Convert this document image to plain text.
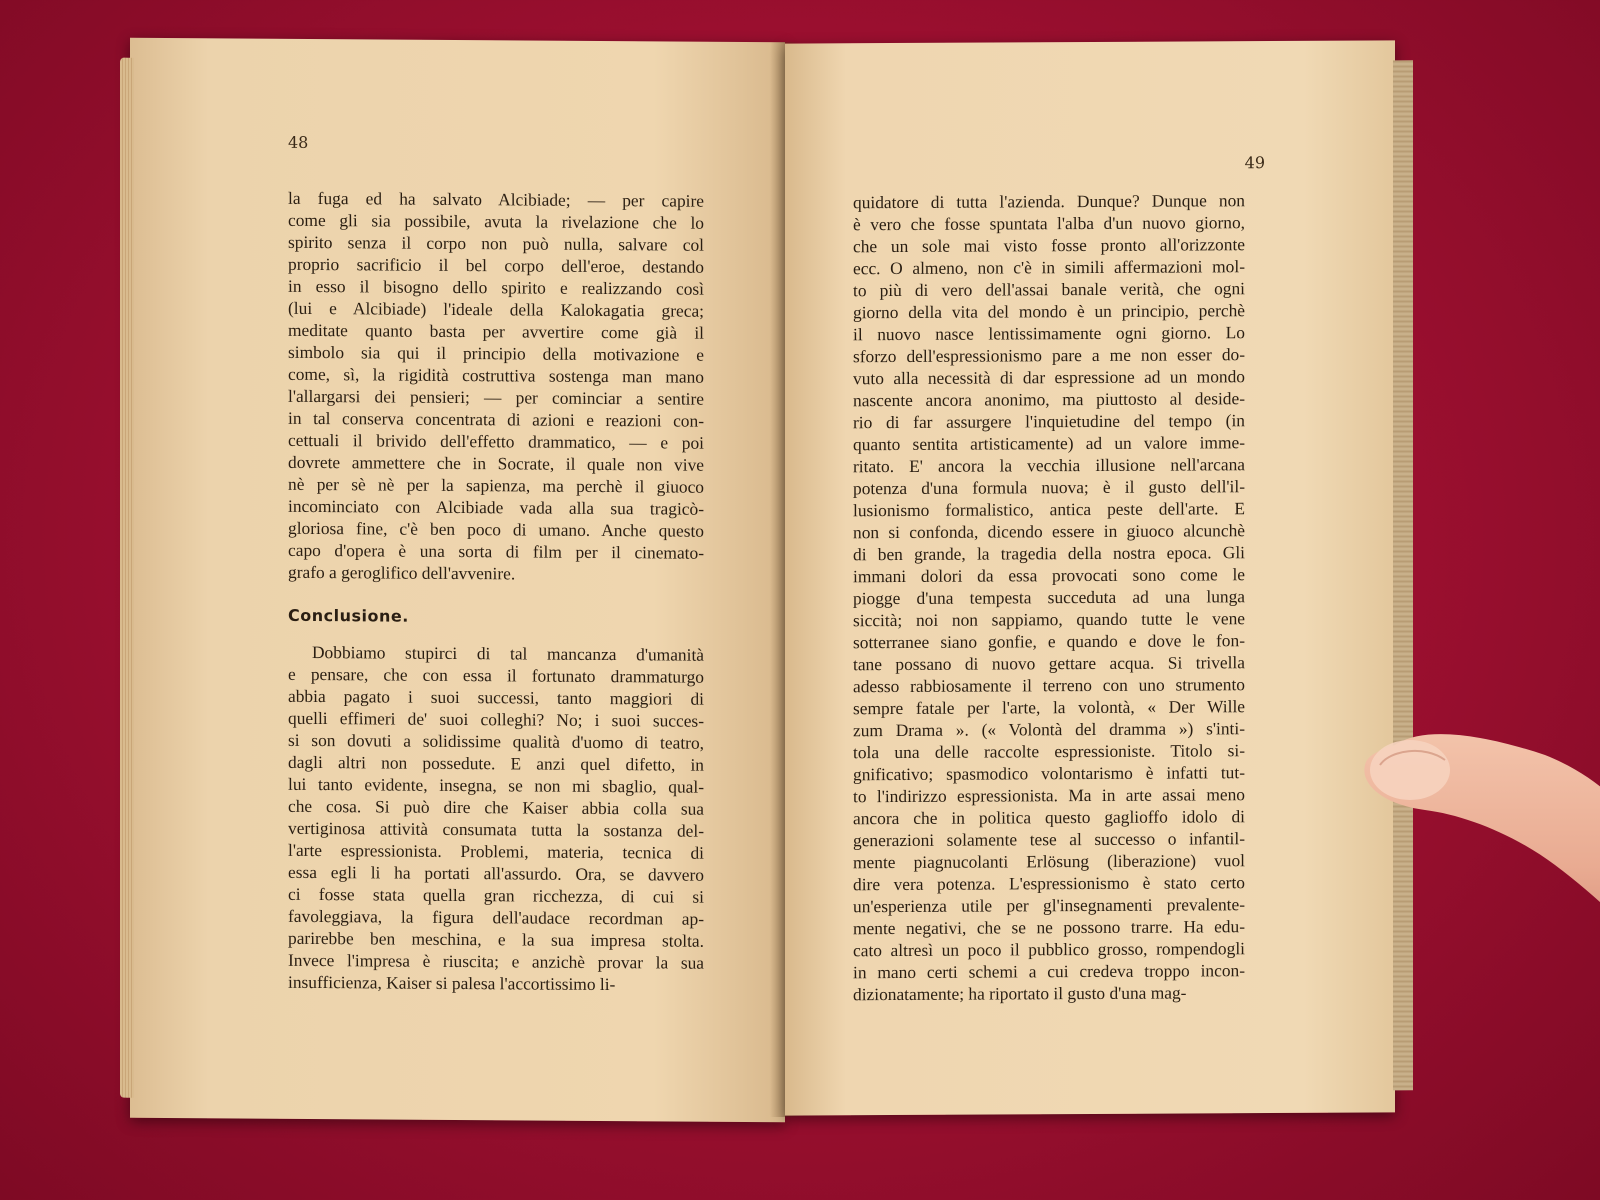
48
la fuga ed ha salvato Alcibiade; — per capire
come gli sia possibile, avuta la rivelazione che lo
spirito senza il corpo non può nulla, salvare col
proprio sacrificio il bel corpo dell'eroe, destando
in esso il bisogno dello spirito e realizzando così
(lui e Alcibiade) l'ideale della Kalokagatia greca;
meditate quanto basta per avvertire come già il
simbolo sia qui il principio della motivazione e
come, sì, la rigidità costruttiva sostenga man mano
l'allargarsi dei pensieri; — per cominciar a sentire
in tal conserva concentrata di azioni e reazioni con-
cettuali il brivido dell'effetto drammatico, — e poi
dovrete ammettere che in Socrate, il quale non vive
nè per sè nè per la sapienza, ma perchè il giuoco
incominciato con Alcibiade vada alla sua tragicò-
gloriosa fine, c'è ben poco di umano. Anche questo
capo d'opera è una sorta di film per il cinemato-
grafo a geroglifico dell'avvenire.
Conclusione.
Dobbiamo stupirci di tal mancanza d'umanità
e pensare, che con essa il fortunato drammaturgo
abbia pagato i suoi successi, tanto maggiori di
quelli effimeri de' suoi colleghi? No; i suoi succes-
si son dovuti a solidissime qualità d'uomo di teatro,
dagli altri non possedute. E anzi quel difetto, in
lui tanto evidente, insegna, se non mi sbaglio, qual-
che cosa. Si può dire che Kaiser abbia colla sua
vertiginosa attività consumata tutta la sostanza del-
l'arte espressionista. Problemi, materia, tecnica di
essa egli li ha portati all'assurdo. Ora, se davvero
ci fosse stata quella gran ricchezza, di cui si
favoleggiava, la figura dell'audace recordman ap-
parirebbe ben meschina, e la sua impresa stolta.
Invece l'impresa è riuscita; e anzichè provar la sua
insufficienza, Kaiser si palesa l'accortissimo li-
49
quidatore di tutta l'azienda. Dunque? Dunque non
è vero che fosse spuntata l'alba d'un nuovo giorno,
che un sole mai visto fosse pronto all'orizzonte
ecc. O almeno, non c'è in simili affermazioni mol-
to più di vero dell'assai banale verità, che ogni
giorno della vita del mondo è un principio, perchè
il nuovo nasce lentissimamente ogni giorno. Lo
sforzo dell'espressionismo pare a me non esser do-
vuto alla necessità di dar espressione ad un mondo
nascente ancora anonimo, ma piuttosto al deside-
rio di far assurgere l'inquietudine del tempo (in
quanto sentita artisticamente) ad un valore imme-
ritato. E' ancora la vecchia illusione nell'arcana
potenza d'una formula nuova; è il gusto dell'il-
lusionismo formalistico, antica peste dell'arte. E
non si confonda, dicendo essere in giuoco alcunchè
di ben grande, la tragedia della nostra epoca. Gli
immani dolori da essa provocati sono come le
piogge d'una tempesta succeduta ad una lunga
siccità; noi non sappiamo, quando tutte le vene
sotterranee siano gonfie, e quando e dove le fon-
tane possano di nuovo gettare acqua. Si trivella
adesso rabbiosamente il terreno con uno strumento
sempre fatale per l'arte, la volontà, « Der Wille
zum Drama ». (« Volontà del dramma ») s'inti-
tola una delle raccolte espressioniste. Titolo si-
gnificativo; spasmodico volontarismo è infatti tut-
to l'indirizzo espressionista. Ma in arte assai meno
ancora che in politica questo gaglioffo idolo di
generazioni solamente tese al successo o infantil-
mente piagnucolanti Erlösung (liberazione) vuol
dire vera potenza. L'espressionismo è stato certo
un'esperienza utile per gl'insegnamenti prevalente-
mente negativi, che se ne possono trarre. Ha edu-
cato altresì un poco il pubblico grosso, rompendogli
in mano certi schemi a cui credeva troppo incon-
dizionatamente; ha riportato il gusto d'una mag-
